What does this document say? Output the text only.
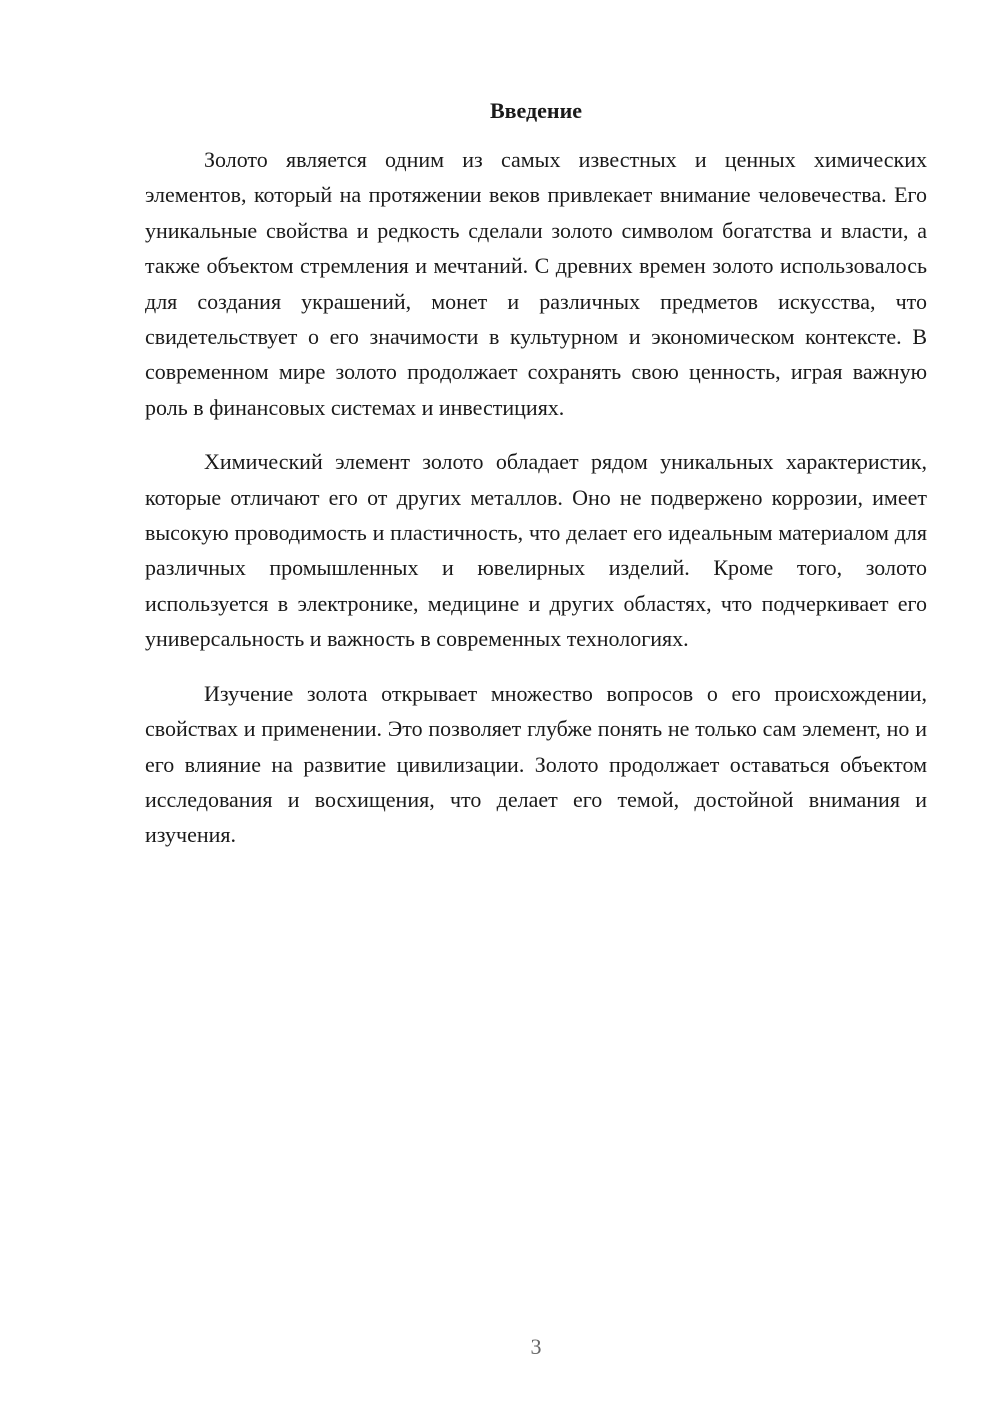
Введение

Золото является одним из самых известных и ценных химических элементов, который на протяжении веков привлекает внимание человечества. Его уникальные свойства и редкость сделали золото символом богатства и власти, а также объектом стремления и мечтаний. С древних времен золото использовалось для создания украшений, монет и различных предметов искусства, что свидетельствует о его значимости в культурном и экономическом контексте. В современном мире золото продолжает сохранять свою ценность, играя важную роль в финансовых системах и инвестициях.

Химический элемент золото обладает рядом уникальных характеристик, которые отличают его от других металлов. Оно не подвержено коррозии, имеет высокую проводимость и пластичность, что делает его идеальным материалом для различных промышленных и ювелирных изделий. Кроме того, золото используется в электронике, медицине и других областях, что подчеркивает его универсальность и важность в современных технологиях.

Изучение золота открывает множество вопросов о его происхождении, свойствах и применении. Это позволяет глубже понять не только сам элемент, но и его влияние на развитие цивилизации. Золото продолжает оставаться объектом исследования и восхищения, что делает его темой, достойной внимания и изучения.

3
